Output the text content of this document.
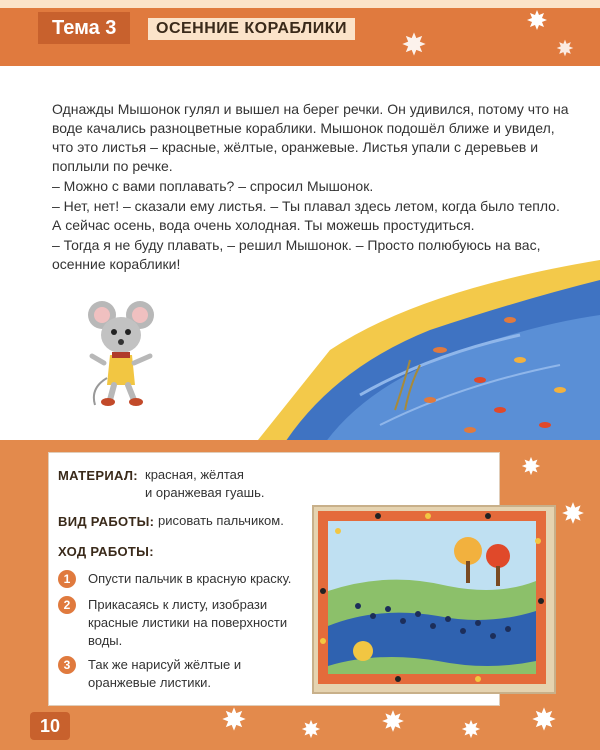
Тема 3	ОСЕННИЕ КОРАБЛИКИ

Однажды Мышонок гулял и вышел на берег речки. Он удивился, потому что на воде качались разноцветные кораблики. Мышонок подошёл ближе и увидел, что это листья – красные, жёлтые, оранжевые. Листья упали с деревьев и поплыли по речке.

– Можно с вами поплавать? – спросил Мышонок.

– Нет, нет! – сказали ему листья. – Ты плавал здесь летом, когда было тепло. А сейчас осень, вода очень холодная. Ты можешь простудиться.

– Тогда я не буду плавать, – решил Мышонок. – Просто полюбуюсь на вас, осенние кораблики!

МАТЕРИАЛ: красная, жёлтая
и оранжевая гуашь.
ВИД РАБОТЫ: рисовать пальчиком.
ХОД РАБОТЫ:
1	Опусти пальчик в красную краску.
2	Прикасаясь к листу, изобрази красные листики на поверхности воды.
3	Так же нарисуй жёлтые и оранжевые листики.
10
